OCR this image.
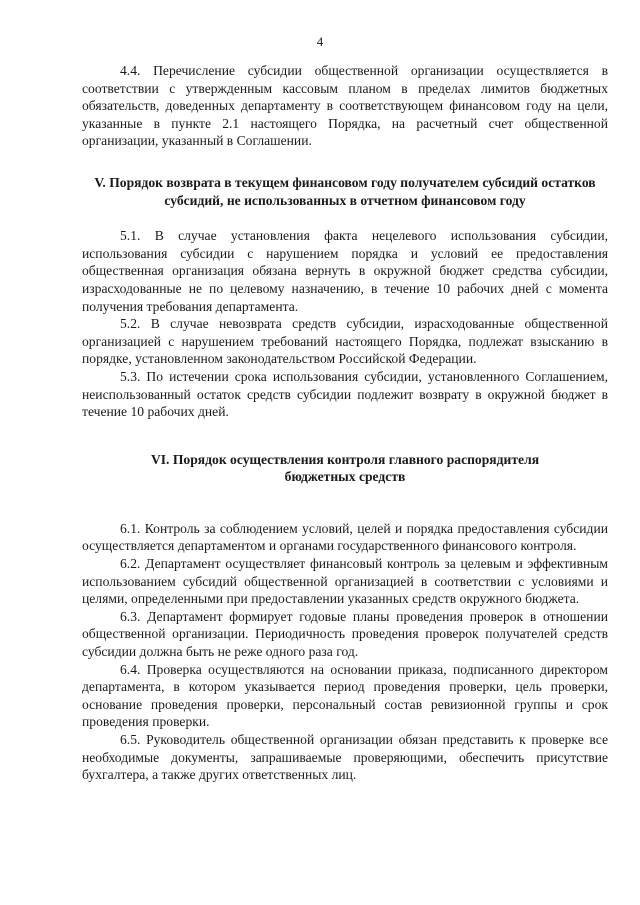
4

4.4. Перечисление субсидии общественной организации осуществляется в соответствии с утвержденным кассовым планом в пределах лимитов бюджетных обязательств, доведенных департаменту в соответствующем финансовом году на цели, указанные в пункте 2.1 настоящего Порядка, на расчетный счет общественной организации, указанный в Соглашении.

V. Порядок возврата в текущем финансовом году получателем субсидий остатков субсидий, не использованных в отчетном финансовом году

5.1. В случае установления факта нецелевого использования субсидии, использования субсидии с нарушением порядка и условий ее предоставления общественная организация обязана вернуть в окружной бюджет средства субсидии, израсходованные не по целевому назначению, в течение 10 рабочих дней с момента получения требования департамента.

5.2. В случае невозврата средств субсидии, израсходованные общественной организацией с нарушением требований настоящего Порядка, подлежат взысканию в порядке, установленном законодательством Российской Федерации.

5.3. По истечении срока использования субсидии, установленного Соглашением, неиспользованный остаток средств субсидии подлежит возврату в окружной бюджет в течение 10 рабочих дней.

VI. Порядок осуществления контроля главного распорядителя

бюджетных средств

6.1. Контроль за соблюдением условий, целей и порядка предоставления субсидии осуществляется департаментом и органами государственного финансового контроля.

6.2. Департамент осуществляет финансовый контроль за целевым и эффективным использованием субсидий общественной организацией в соответствии с условиями и целями, определенными при предоставлении указанных средств окружного бюджета.

6.3. Департамент формирует годовые планы проведения проверок в отношении общественной организации. Периодичность проведения проверок получателей средств субсидии должна быть не реже одного раза год.

6.4. Проверка осуществляются на основании приказа, подписанного директором департамента, в котором указывается период проведения проверки, цель проверки, основание проведения проверки, персональный состав ревизионной группы и срок проведения проверки.

6.5. Руководитель общественной организации обязан представить к проверке все необходимые документы, запрашиваемые проверяющими, обеспечить присутствие бухгалтера, а также других ответственных лиц.
